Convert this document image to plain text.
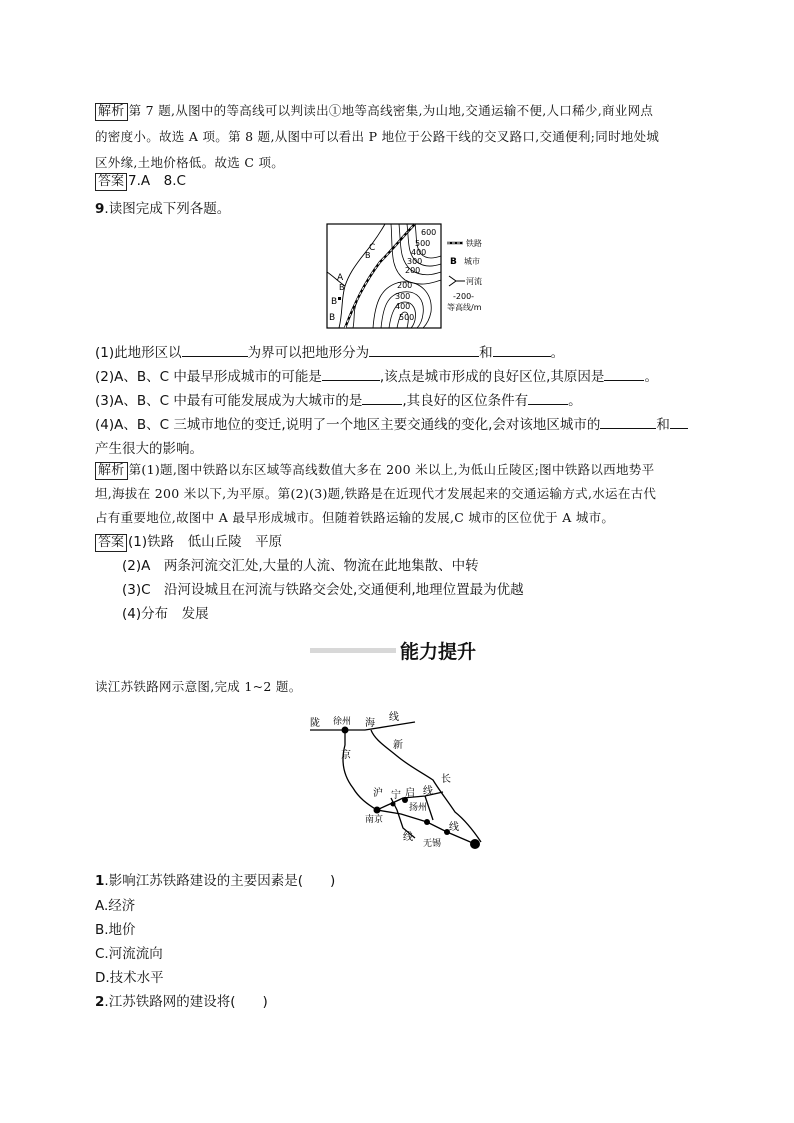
解析 第 7 题,从图中的等高线可以判读出①地等高线密集,为山地,交通运输不便,人口稀少,商业网点
的密度小。故选 A 项。第 8 题,从图中可以看出 P 地位于公路干线的交叉路口,交通便利;同时地处城
区外缘,土地价格低。故选 C 项。
答案 7.A　8.C
9.读图完成下列各题。
600
500
400
300
200
200
300
400
500
C
B
A
B
B
B
铁路
B 城市
河流
-200-
等高线/m
(1)此地形区以	为界可以把地形分为	和	。
(2)A、B、C 中最早形成城市的可能是	,该点是城市形成的良好区位,其原因是	。
(3)A、B、C 中最有可能发展成为大城市的是	,其良好的区位条件有	。
(4)A、B、C 三城市地位的变迁,说明了一个地区主要交通线的变化,会对该地区城市的	和
产生很大的影响。
解析 第(1)题,图中铁路以东区域等高线数值大多在 200 米以上,为低山丘陵区;图中铁路以西地势平
坦,海拔在 200 米以下,为平原。第(2)(3)题,铁路是在近现代才发展起来的交通运输方式,水运在古代
占有重要地位,故图中 A 最早形成城市。但随着铁路运输的发展,C 城市的区位优于 A 城市。
答案 (1)铁路　低山丘陵　平原
(2)A　两条河流交汇处,大量的人流、物流在此地集散、中转
(3)C　沿河设城且在河流与铁路交会处,交通便利,地理位置最为优越
(4)分布　发展
能力提升
读江苏铁路网示意图,完成 1~2 题。
陇 徐州 海
线
京
新
线
长
沪 宁 启
扬州
南京
线
线
无锡
1.影响江苏铁路建设的主要因素是(　　)
A.经济
B.地价
C.河流流向
D.技术水平
2.江苏铁路网的建设将(　　)
